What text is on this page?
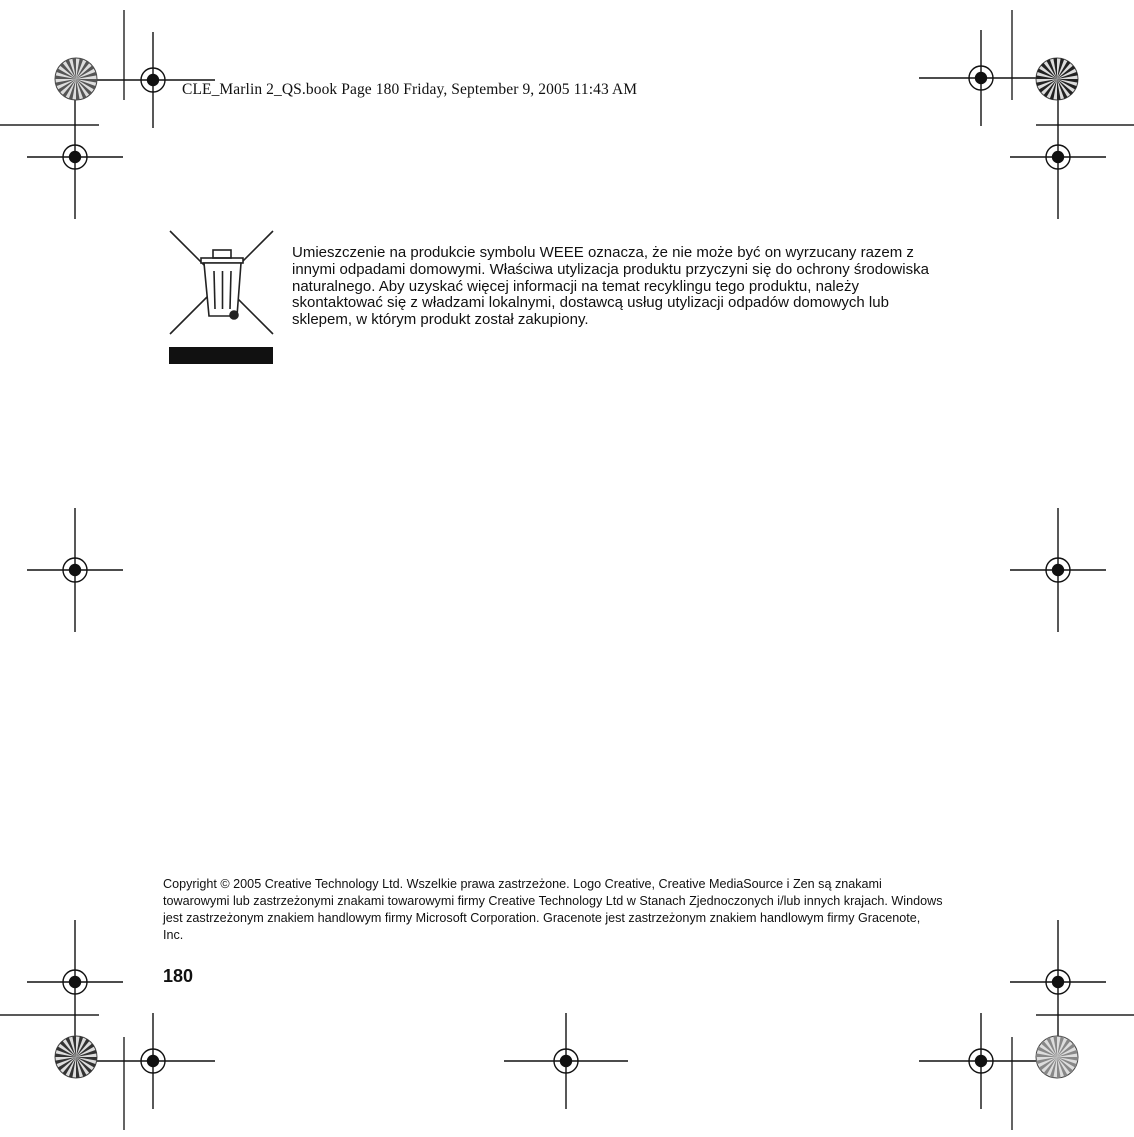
CLE_Marlin 2_QS.book Page 180 Friday, September 9, 2005 11:43 AM

Umieszczenie na produkcie symbolu WEEE oznacza, że nie może być on wyrzucany razem z innymi odpadami domowymi. Właściwa utylizacja produktu przyczyni się do ochrony środowiska naturalnego. Aby uzyskać więcej informacji na temat recyklingu tego produktu, należy skontaktować się z władzami lokalnymi, dostawcą usług utylizacji odpadów domowych lub sklepem, w którym produkt został zakupiony.

Copyright © 2005 Creative Technology Ltd. Wszelkie prawa zastrzeżone. Logo Creative, Creative MediaSource i Zen są znakami towarowymi lub zastrzeżonymi znakami towarowymi firmy Creative Technology Ltd w Stanach Zjednoczonych i/lub innych krajach. Windows jest zastrzeżonym znakiem handlowym firmy Microsoft Corporation. Gracenote jest zastrzeżonym znakiem handlowym firmy Gracenote, Inc.

180
